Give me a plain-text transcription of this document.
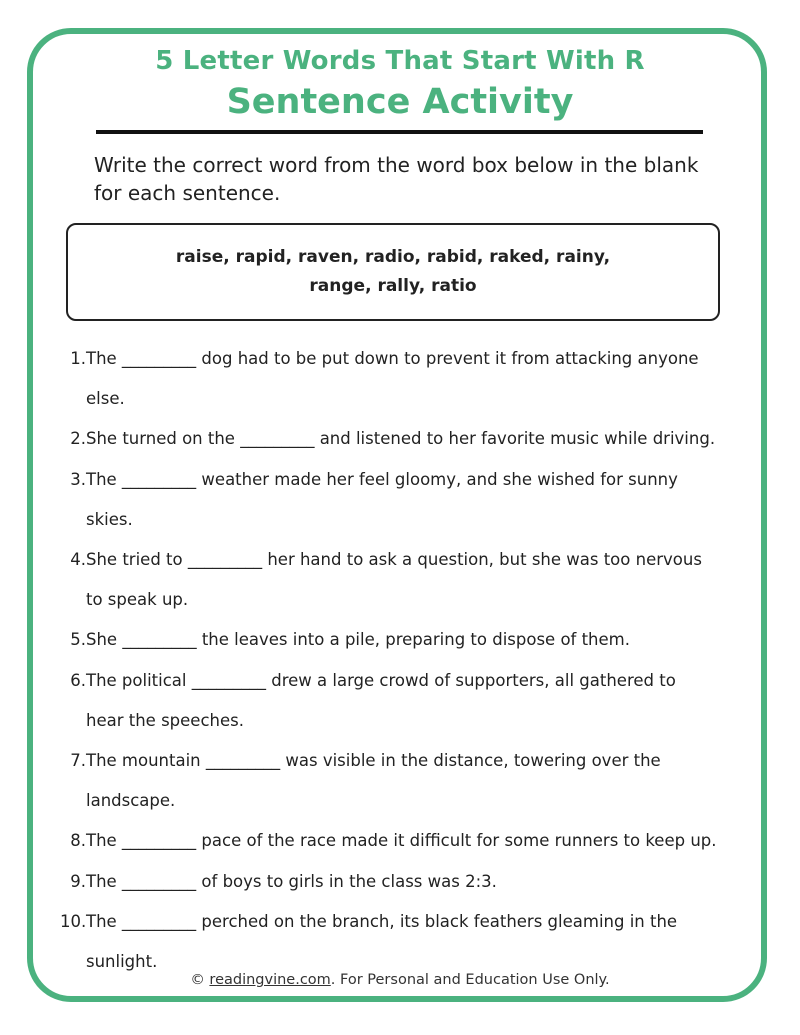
5 Letter Words That Start With R
Sentence Activity
Write the correct word from the word box below in the blank
for each sentence.
raise, rapid, raven, radio, rabid, raked, rainy,
range, rally, ratio
1. The _________ dog had to be put down to prevent it from attacking anyone
else.
2. She turned on the _________ and listened to her favorite music while driving.
3. The _________ weather made her feel gloomy, and she wished for sunny
skies.
4. She tried to _________ her hand to ask a question, but she was too nervous
to speak up.
5. She _________ the leaves into a pile, preparing to dispose of them.
6. The political _________ drew a large crowd of supporters, all gathered to
hear the speeches.
7. The mountain _________ was visible in the distance, towering over the
landscape.
8. The _________ pace of the race made it difficult for some runners to keep up.
9. The _________ of boys to girls in the class was 2:3.
10. The _________ perched on the branch, its black feathers gleaming in the
sunlight.
© readingvine.com. For Personal and Education Use Only.
